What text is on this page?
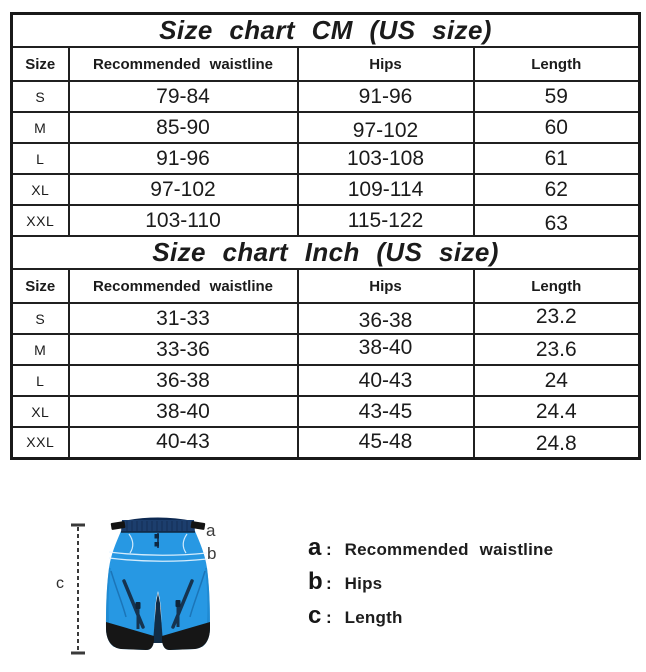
Size chart CM (US size)			
Size	Recommended waistline	Hips	Length
S	79-84	91-96	59
M	85-90	97-102	60
L	91-96	103-108	61
XL	97-102	109-114	62
XXL	103-110	115-122	63
Size chart Inch (US size)			
Size	Recommended waistline	Hips	Length
S	31-33	36-38	23.2
M	33-36	38-40	23.6
L	36-38	40-43	24
XL	38-40	43-45	24.4
XXL	40-43	45-48	24.8
a
b
c
a : Recommended waistline
b : Hips
c : Length
